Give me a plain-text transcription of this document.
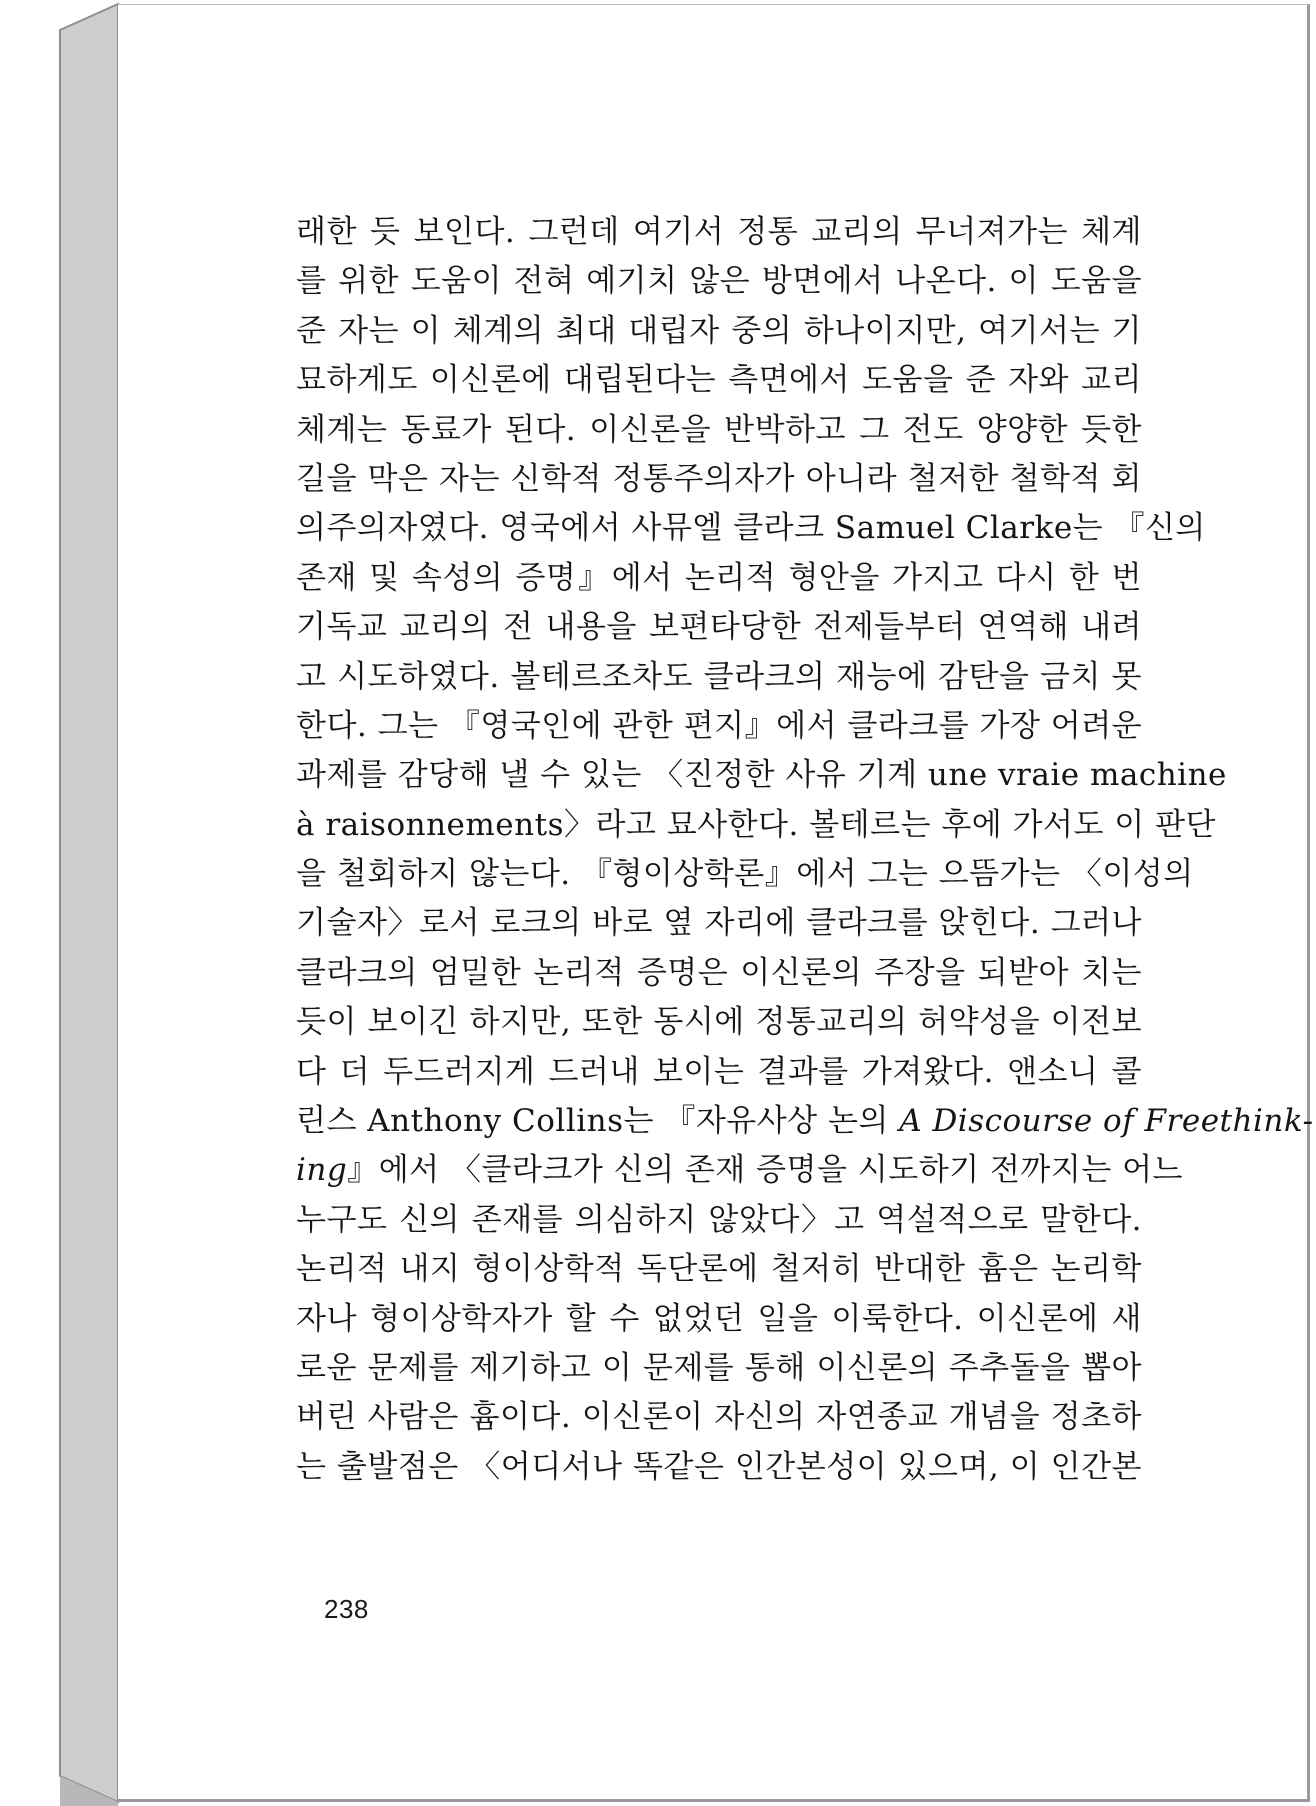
래한 듯 보인다. 그런데 여기서 정통 교리의 무너져가는 체계
를 위한 도움이 전혀 예기치 않은 방면에서 나온다. 이 도움을
준 자는 이 체계의 최대 대립자 중의 하나이지만, 여기서는 기
묘하게도 이신론에 대립된다는 측면에서 도움을 준 자와 교리
체계는 동료가 된다. 이신론을 반박하고 그 전도 양양한 듯한
길을 막은 자는 신학적 정통주의자가 아니라 철저한 철학적 회
의주의자였다. 영국에서 사뮤엘 클라크 Samuel Clarke는 『신의
존재 및 속성의 증명』에서 논리적 형안을 가지고 다시 한 번
기독교 교리의 전 내용을 보편타당한 전제들부터 연역해 내려
고 시도하였다. 볼테르조차도 클라크의 재능에 감탄을 금치 못
한다. 그는 『영국인에 관한 편지』에서 클라크를 가장 어려운
과제를 감당해 낼 수 있는 〈진정한 사유 기계 une vraie machine
à raisonnements〉라고 묘사한다. 볼테르는 후에 가서도 이 판단
을 철회하지 않는다. 『형이상학론』에서 그는 으뜸가는 〈이성의
기술자〉로서 로크의 바로 옆 자리에 클라크를 앉힌다. 그러나
클라크의 엄밀한 논리적 증명은 이신론의 주장을 되받아 치는
듯이 보이긴 하지만, 또한 동시에 정통교리의 허약성을 이전보
다 더 두드러지게 드러내 보이는 결과를 가져왔다. 앤소니 콜
린스 Anthony Collins는 『자유사상 논의 A Discourse of Freethink-
ing』에서 〈클라크가 신의 존재 증명을 시도하기 전까지는 어느
누구도 신의 존재를 의심하지 않았다〉고 역설적으로 말한다.
논리적 내지 형이상학적 독단론에 철저히 반대한 흄은 논리학
자나 형이상학자가 할 수 없었던 일을 이룩한다. 이신론에 새
로운 문제를 제기하고 이 문제를 통해 이신론의 주추돌을 뽑아
버린 사람은 흄이다. 이신론이 자신의 자연종교 개념을 정초하
는 출발점은 〈어디서나 똑같은 인간본성이 있으며, 이 인간본
238
